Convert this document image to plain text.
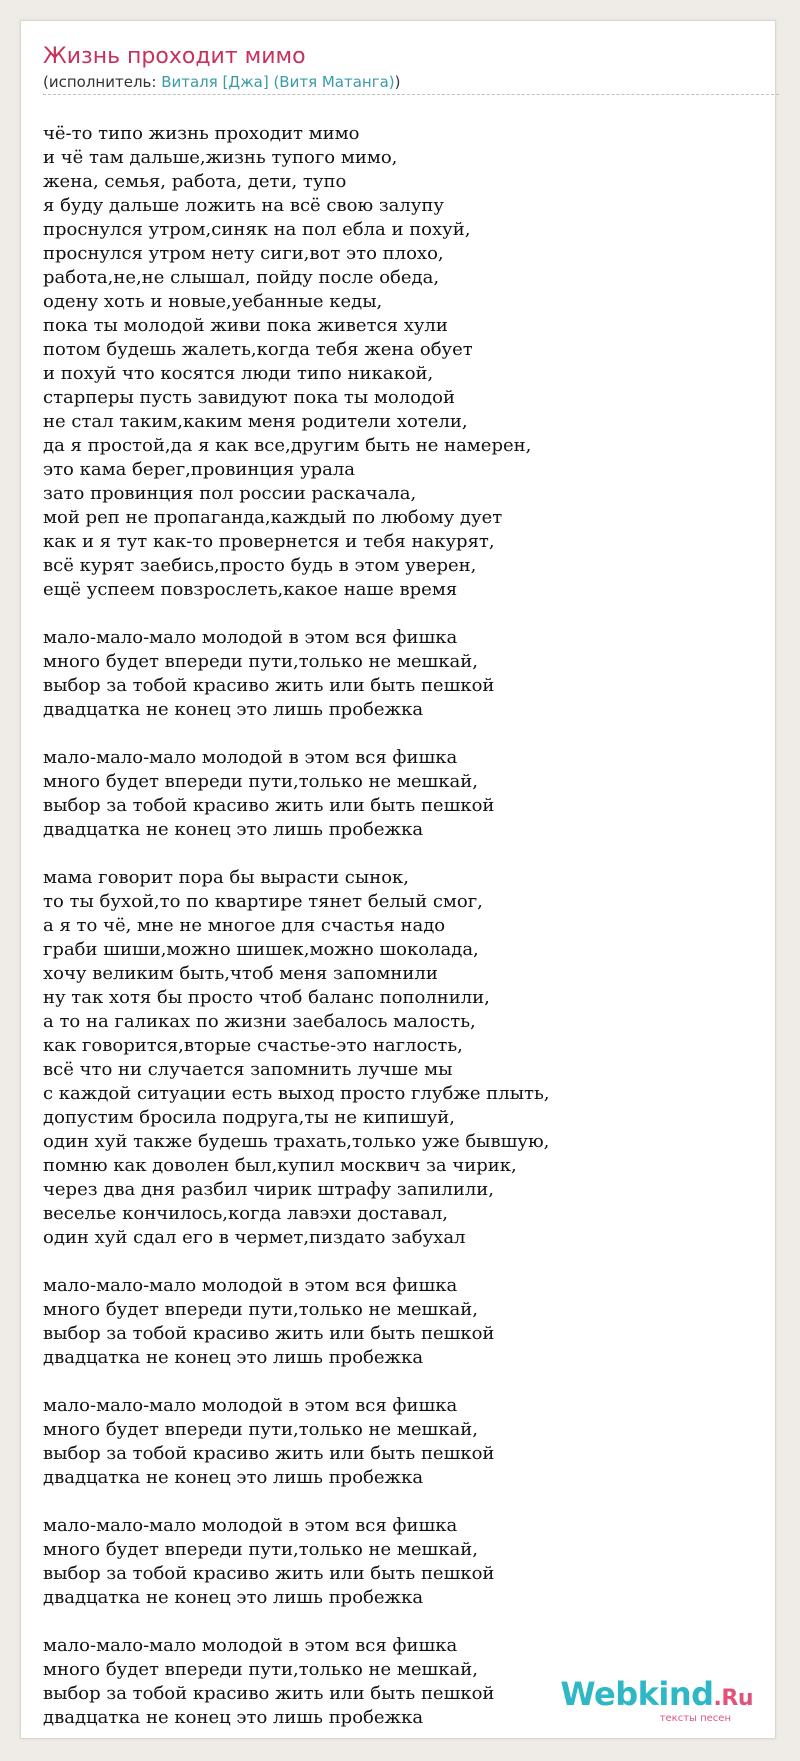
Жизнь проходит мимо
(исполнитель: Виталя [Джа] (Витя Матанга))
чё-то типо жизнь проходит мимо
и чё там дальше,жизнь тупого мимо,
жена, семья, работа, дети, тупо
я буду дальше ложить на всё свою залупу
проснулся утром,синяк на пол ебла и похуй,
проснулся утром нету сиги,вот это плохо,
работа,не,не слышал, пойду после обеда,
одену хоть и новые,уебанные кеды,
пока ты молодой живи пока живется хули
потом будешь жалеть,когда тебя жена обует
и похуй что косятся люди типо никакой,
старперы пусть завидуют пока ты молодой
не стал таким,каким меня родители хотели,
да я простой,да я как все,другим быть не намерен,
это кама берег,провинция урала
зато провинция пол россии раскачала,
мой реп не пропаганда,каждый по любому дует
как и я тут как-то провернется и тебя накурят,
всё курят заебись,просто будь в этом уверен,
ещё успеем повзрослеть,какое наше время
мало-мало-мало молодой в этом вся фишка
много будет впереди пути,только не мешкай,
выбор за тобой красиво жить или быть пешкой
двадцатка не конец это лишь пробежка
мало-мало-мало молодой в этом вся фишка
много будет впереди пути,только не мешкай,
выбор за тобой красиво жить или быть пешкой
двадцатка не конец это лишь пробежка
мама говорит пора бы вырасти сынок,
то ты бухой,то по квартире тянет белый смог,
а я то чё, мне не многое для счастья надо
граби шиши,можно шишек,можно шоколада,
хочу великим быть,чтоб меня запомнили
ну так хотя бы просто чтоб баланс пополнили,
а то на галиках по жизни заебалось малость,
как говорится,вторые счастье-это наглость,
всё что ни случается запомнить лучше мы
с каждой ситуации есть выход просто глубже плыть,
допустим бросила подруга,ты не кипишуй,
один хуй также будешь трахать,только уже бывшую,
помню как доволен был,купил москвич за чирик,
через два дня разбил чирик штрафу запилили,
веселье кончилось,когда лавэхи доставал,
один хуй сдал его в чермет,пиздато забухал
мало-мало-мало молодой в этом вся фишка
много будет впереди пути,только не мешкай,
выбор за тобой красиво жить или быть пешкой
двадцатка не конец это лишь пробежка
мало-мало-мало молодой в этом вся фишка
много будет впереди пути,только не мешкай,
выбор за тобой красиво жить или быть пешкой
двадцатка не конец это лишь пробежка
мало-мало-мало молодой в этом вся фишка
много будет впереди пути,только не мешкай,
выбор за тобой красиво жить или быть пешкой
двадцатка не конец это лишь пробежка
мало-мало-мало молодой в этом вся фишка
много будет впереди пути,только не мешкай,
выбор за тобой красиво жить или быть пешкой
двадцатка не конец это лишь пробежка
Webkind.Ru
тексты песен
